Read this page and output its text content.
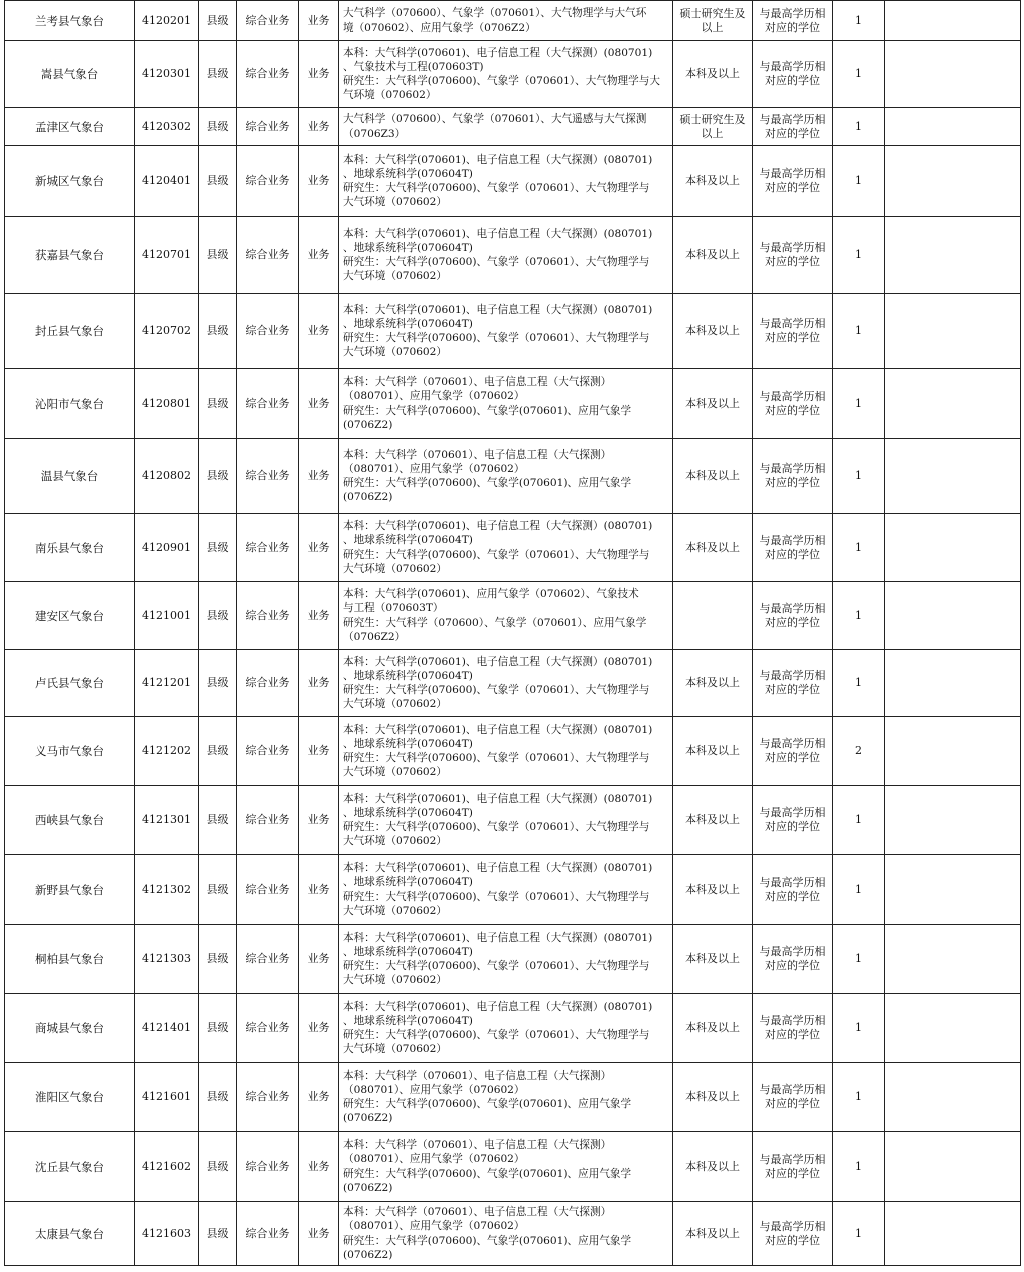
兰考县气象台	4120201	县级	综合业务	业务	大气科学（070600）、气象学（070601）、大气物理学与大气环
境（070602）、应用气象学（0706Z2）	硕士研究生及
以上	与最高学历相
对应的学位	1	
嵩县气象台	4120301	县级	综合业务	业务	本科：大气科学(070601)、电子信息工程（大气探测）(080701)
、气象技术与工程(070603T)
研究生：大气科学(070600)、气象学（070601）、大气物理学与大
气环境（070602）	本科及以上	与最高学历相
对应的学位	1	
孟津区气象台	4120302	县级	综合业务	业务	大气科学（070600）、气象学（070601）、大气遥感与大气探测
（0706Z3）	硕士研究生及
以上	与最高学历相
对应的学位	1	
新城区气象台	4120401	县级	综合业务	业务	本科：大气科学(070601)、电子信息工程（大气探测）(080701)
、地球系统科学(070604T)
研究生：大气科学(070600)、气象学（070601）、大气物理学与
大气环境（070602）	本科及以上	与最高学历相
对应的学位	1	
获嘉县气象台	4120701	县级	综合业务	业务	本科：大气科学(070601)、电子信息工程（大气探测）(080701)
、地球系统科学(070604T)
研究生：大气科学(070600)、气象学（070601）、大气物理学与
大气环境（070602）	本科及以上	与最高学历相
对应的学位	1	
封丘县气象台	4120702	县级	综合业务	业务	本科：大气科学(070601)、电子信息工程（大气探测）(080701)
、地球系统科学(070604T)
研究生：大气科学(070600)、气象学（070601）、大气物理学与
大气环境（070602）	本科及以上	与最高学历相
对应的学位	1	
沁阳市气象台	4120801	县级	综合业务	业务	本科：大气科学（070601）、电子信息工程（大气探测）
（080701）、应用气象学（070602）
研究生：大气科学(070600)、气象学(070601)、应用气象学
(0706Z2)	本科及以上	与最高学历相
对应的学位	1	
温县气象台	4120802	县级	综合业务	业务	本科：大气科学（070601）、电子信息工程（大气探测）
（080701）、应用气象学（070602）
研究生：大气科学(070600)、气象学(070601)、应用气象学
(0706Z2)	本科及以上	与最高学历相
对应的学位	1	
南乐县气象台	4120901	县级	综合业务	业务	本科：大气科学(070601)、电子信息工程（大气探测）(080701)
、地球系统科学(070604T)
研究生：大气科学(070600)、气象学（070601）、大气物理学与
大气环境（070602）	本科及以上	与最高学历相
对应的学位	1	
建安区气象台	4121001	县级	综合业务	业务	本科：大气科学(070601)、应用气象学（070602）、气象技术
与工程（070603T）
研究生：大气科学（070600）、气象学（070601）、应用气象学
（0706Z2）		与最高学历相
对应的学位	1	
卢氏县气象台	4121201	县级	综合业务	业务	本科：大气科学(070601)、电子信息工程（大气探测）(080701)
、地球系统科学(070604T)
研究生：大气科学(070600)、气象学（070601）、大气物理学与
大气环境（070602）	本科及以上	与最高学历相
对应的学位	1	
义马市气象台	4121202	县级	综合业务	业务	本科：大气科学(070601)、电子信息工程（大气探测）(080701)
、地球系统科学(070604T)
研究生：大气科学(070600)、气象学（070601）、大气物理学与
大气环境（070602）	本科及以上	与最高学历相
对应的学位	2	
西峡县气象台	4121301	县级	综合业务	业务	本科：大气科学(070601)、电子信息工程（大气探测）(080701)
、地球系统科学(070604T)
研究生：大气科学(070600)、气象学（070601）、大气物理学与
大气环境（070602）	本科及以上	与最高学历相
对应的学位	1	
新野县气象台	4121302	县级	综合业务	业务	本科：大气科学(070601)、电子信息工程（大气探测）(080701)
、地球系统科学(070604T)
研究生：大气科学(070600)、气象学（070601）、大气物理学与
大气环境（070602）	本科及以上	与最高学历相
对应的学位	1	
桐柏县气象台	4121303	县级	综合业务	业务	本科：大气科学(070601)、电子信息工程（大气探测）(080701)
、地球系统科学(070604T)
研究生：大气科学(070600)、气象学（070601）、大气物理学与
大气环境（070602）	本科及以上	与最高学历相
对应的学位	1	
商城县气象台	4121401	县级	综合业务	业务	本科：大气科学(070601)、电子信息工程（大气探测）(080701)
、地球系统科学(070604T)
研究生：大气科学(070600)、气象学（070601）、大气物理学与
大气环境（070602）	本科及以上	与最高学历相
对应的学位	1	
淮阳区气象台	4121601	县级	综合业务	业务	本科：大气科学（070601）、电子信息工程（大气探测）
（080701）、应用气象学（070602）
研究生：大气科学(070600)、气象学(070601)、应用气象学
(0706Z2)	本科及以上	与最高学历相
对应的学位	1	
沈丘县气象台	4121602	县级	综合业务	业务	本科：大气科学（070601）、电子信息工程（大气探测）
（080701）、应用气象学（070602）
研究生：大气科学(070600)、气象学(070601)、应用气象学
(0706Z2)	本科及以上	与最高学历相
对应的学位	1	
太康县气象台	4121603	县级	综合业务	业务	本科：大气科学（070601）、电子信息工程（大气探测）
（080701）、应用气象学（070602）
研究生：大气科学(070600)、气象学(070601)、应用气象学
(0706Z2)	本科及以上	与最高学历相
对应的学位	1	
